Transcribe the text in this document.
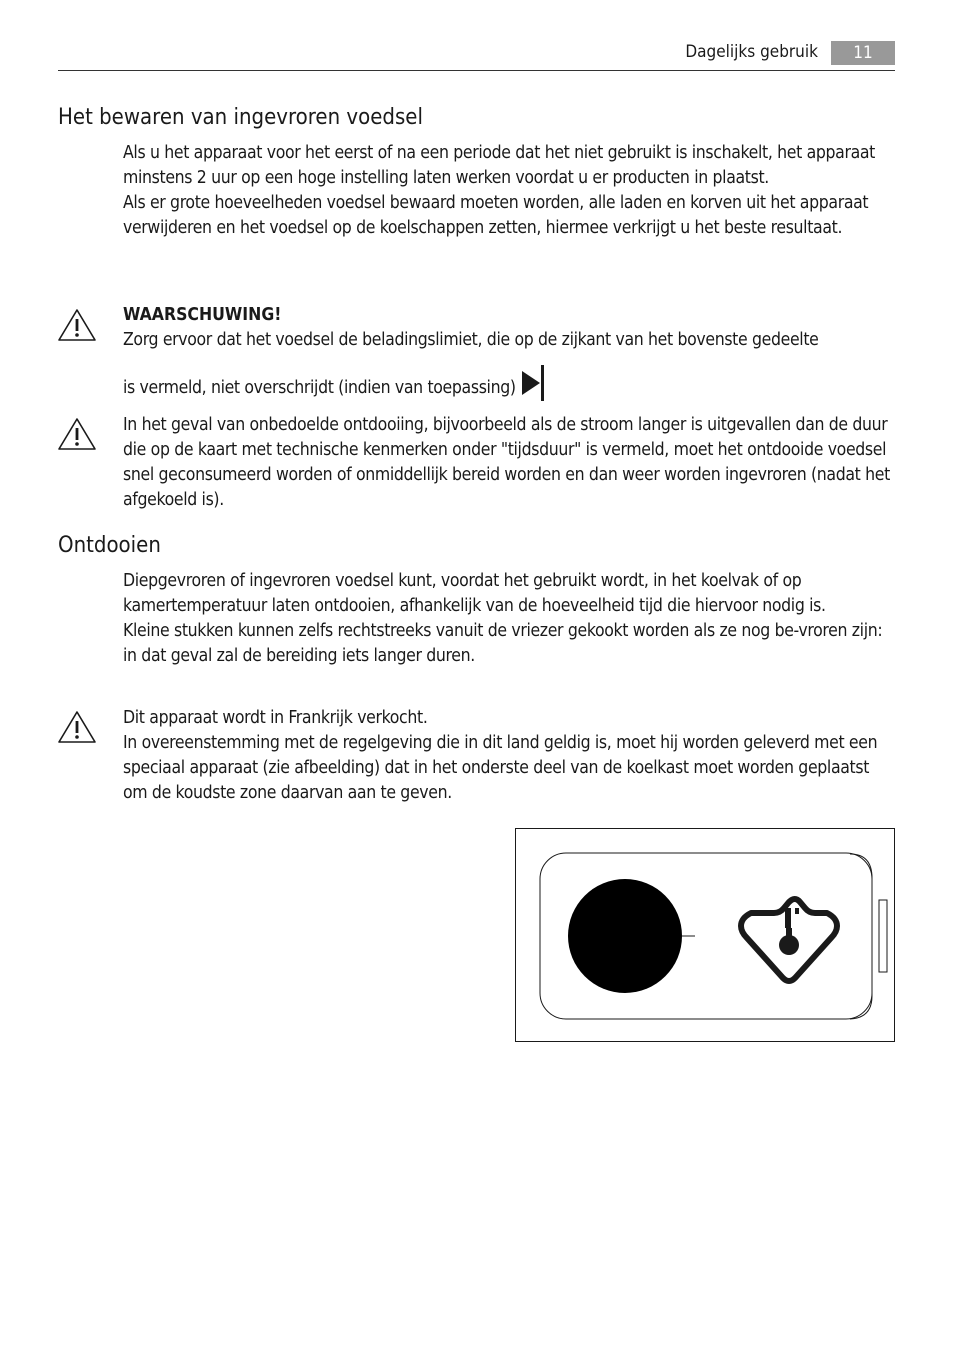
Dagelijks gebruik	11
Het bewaren van ingevroren voedsel

Als u het apparaat voor het eerst of na een periode dat het niet gebruikt is inschakelt, het apparaat minstens 2 uur op een hoge instelling laten werken voordat u er producten in plaatst.

Als er grote hoeveelheden voedsel bewaard moeten worden, alle laden en korven uit het apparaat verwijderen en het voedsel op de koelschappen zetten, hiermee verkrijgt u het beste resultaat.

WAARSCHUWING!

Zorg ervoor dat het voedsel de beladingslimiet, die op de zijkant van het bovenste gedeelte

is vermeld, niet overschrijdt (indien van toepassing)

In het geval van onbedoelde ontdooiing, bijvoorbeeld als de stroom langer is uitgevallen dan de duur die op de kaart met technische kenmerken onder "tijdsduur" is vermeld, moet het ontdooide voedsel snel geconsumeerd worden of onmiddellijk bereid worden en dan weer worden ingevroren (nadat het afgekoeld is).

Ontdooien

Diepgevroren of ingevroren voedsel kunt, voordat het gebruikt wordt, in het koelvak of op kamertemperatuur laten ontdooien, afhankelijk van de hoeveelheid tijd die hiervoor nodig is.

Kleine stukken kunnen zelfs rechtstreeks vanuit de vriezer gekookt worden als ze nog be-vroren zijn: in dat geval zal de bereiding iets langer duren.

Dit apparaat wordt in Frankrijk verkocht.

In overeenstemming met de regelgeving die in dit land geldig is, moet hij worden geleverd met een speciaal apparaat (zie afbeelding) dat in het onderste deel van de koelkast moet worden geplaatst om de koudste zone daarvan aan te geven.
